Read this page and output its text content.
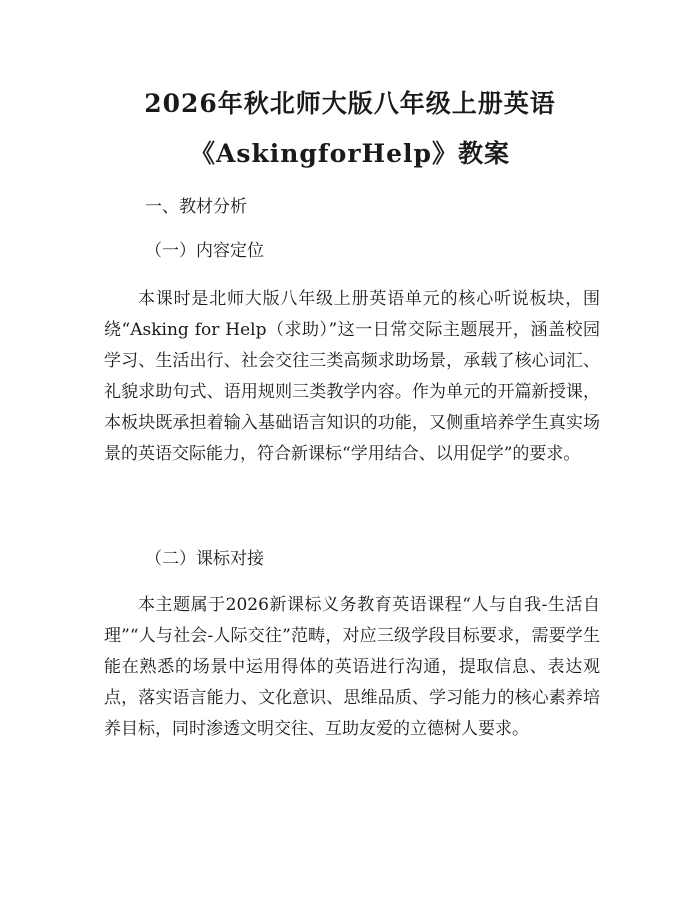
2026年秋北师大版八年级上册英语
《AskingforHelp》教案
一、教材分析
（一）内容定位
本课时是北师大版八年级上册英语单元的核心听说板块，围绕“Asking for Help（求助）”这一日常交际主题展开，涵盖校园学习、生活出行、社会交往三类高频求助场景，承载了核心词汇、礼貌求助句式、语用规则三类教学内容。作为单元的开篇新授课，本板块既承担着输入基础语言知识的功能，又侧重培养学生真实场景的英语交际能力，符合新课标“学用结合、以用促学”的要求。
（二）课标对接
本主题属于2026新课标义务教育英语课程“人与自我-生活自理”“人与社会-人际交往”范畴，对应三级学段目标要求，需要学生能在熟悉的场景中运用得体的英语进行沟通，提取信息、表达观点，落实语言能力、文化意识、思维品质、学习能力的核心素养培养目标，同时渗透文明交往、互助友爱的立德树人要求。
